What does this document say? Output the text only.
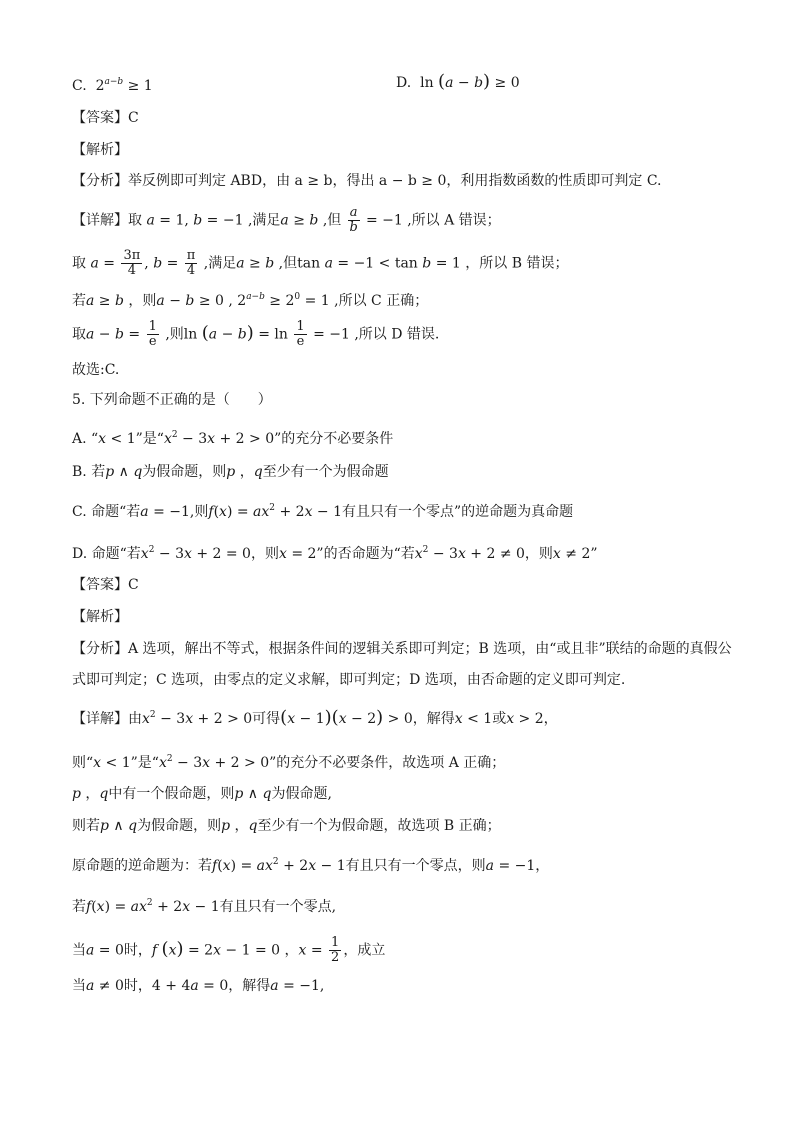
C. $2^{a-b} \ge 1$	D. ln (a − b) ≥ 0
【答案】C
【解析】
【分析】举反例即可判定 ABD，由 a ≥ b，得出 a − b ≥ 0，利用指数函数的性质即可判定 C.
【详解】取 a = 1, b = −1 ,满足a ≥ b ,但 $\frac{a}{b} = -1$ ,所以 A 错误；
取 $a = \frac{3\pi}{4}$ , $b = \frac{\pi}{4}$ ,满足a ≥ b ,但tan a = −1 < tan b = 1 ，所以 B 错误；
若a ≥ b ，则a − b ≥ 0 , $2^{a-b} \ge 2^0 = 1$ ,所以 C 正确；
取$a - b = \frac{1}{e}$ ,则$\ln (a - b) = \ln \frac{1}{e} = -1$ ,所以 D 错误.
故选:C.
5. 下列命题不正确的是（　　）
A. “x < 1”是“$x^2 - 3x + 2 > 0$”的充分不必要条件
B. 若p ∧ q为假命题，则p ，q至少有一个为假命题
C. 命题“若a = −1,则$f(x) = ax^2 + 2x - 1$有且只有一个零点”的逆命题为真命题
D. 命题“若$x^2 - 3x + 2 = 0$，则x = 2”的否命题为“若$x^2 - 3x + 2 \ne 0$，则x ≠ 2”
【答案】C
【解析】
【分析】A 选项，解出不等式，根据条件间的逻辑关系即可判定；B 选项，由“或且非”联结的命题的真假公
式即可判定；C 选项，由零点的定义求解，即可判定；D 选项，由否命题的定义即可判定.
【详解】由$x^2 - 3x + 2 > 0$可得(x − 1)(x − 2) > 0，解得x < 1或x > 2，
则“x < 1”是“$x^2 - 3x + 2 > 0$”的充分不必要条件，故选项 A 正确；
p ，q中有一个假命题，则p ∧ q为假命题,
则若p ∧ q为假命题，则p ，q至少有一个为假命题，故选项 B 正确；
原命题的逆命题为：若$f(x) = ax^2 + 2x - 1$有且只有一个零点，则a = −1，
若$f(x) = ax^2 + 2x - 1$有且只有一个零点,
当a = 0时，f (x) = 2x − 1 = 0 ，$x = \frac{1}{2}$ ，成立
当a ≠ 0时，4 + 4a = 0，解得a = −1,
